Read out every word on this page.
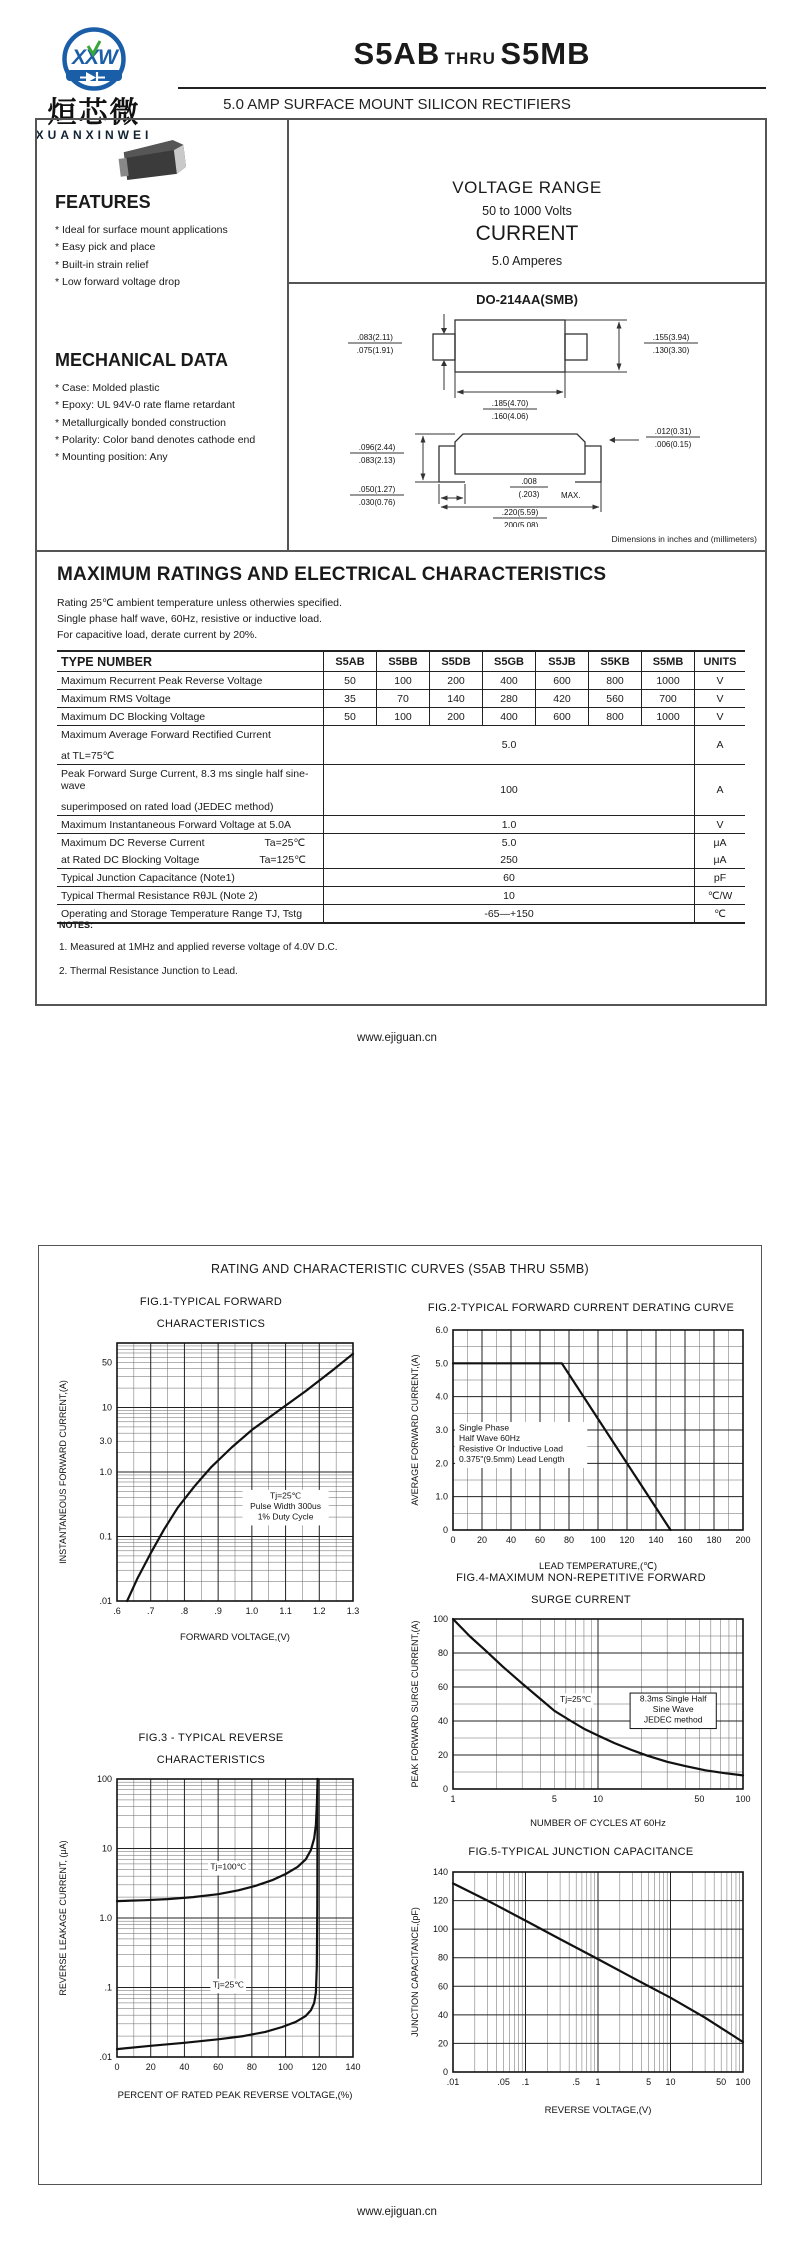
X
X
W
烜芯微
XUANXINWEI
S5AB THRU S5MB
5.0 AMP SURFACE MOUNT SILICON RECTIFIERS
FEATURES
* Ideal for surface mount applications
* Easy pick and place
* Built-in strain relief
* Low forward voltage drop
MECHANICAL DATA
* Case: Molded plastic
* Epoxy: UL 94V-0 rate flame retardant
* Metallurgically bonded construction
* Polarity: Color band denotes cathode end
* Mounting position: Any
VOLTAGE RANGE
50 to 1000 Volts
CURRENT
5.0 Amperes
DO-214AA(SMB)
.083(2.11)
.075(1.91)
.155(3.94)
.130(3.30)
.185(4.70)
.160(4.06)
.012(0.31)
.006(0.15)
.096(2.44)
.083(2.13)
.050(1.27)
.030(0.76)
.008
(.203)	MAX.
.220(5.59)
.200(5.08)
Dimensions in inches and (millimeters)
MAXIMUM RATINGS AND ELECTRICAL CHARACTERISTICS
Rating 25℃ ambient temperature unless otherwies specified.
Single phase half wave, 60Hz, resistive or inductive load.
For capacitive load, derate current by 20%.
TYPE NUMBER	S5AB	S5BB	S5DB	S5GB	S5JB	S5KB	S5MB	UNITS
Maximum Recurrent Peak Reverse Voltage	50	100	200	400	600	800	1000	V
Maximum RMS Voltage	35	70	140	280	420	560	700	V
Maximum DC Blocking Voltage	50	100	200	400	600	800	1000	V

Maximum Average Forward Rectified Current
at TL=75℃	5.0							A

Peak Forward Surge Current, 8.3 ms single half sine-wave
superimposed on rated load (JEDEC method)	100							A
Maximum Instantaneous Forward Voltage at 5.0A	1.0							V
Maximum DC Reverse Current Ta=25℃	5.0							μA
at Rated DC Blocking Voltage Ta=125℃	250							μA
Typical Junction Capacitance (Note1)	60							pF
Typical Thermal Resistance RθJL (Note 2)	10							℃/W
Operating and Storage Temperature Range TJ, Tstg	-65—+150							℃
NOTES:
1. Measured at 1MHz and applied reverse voltage of 4.0V D.C.
2. Thermal Resistance Junction to Lead.
www.ejiguan.cn
RATING AND CHARACTERISTIC CURVES (S5AB THRU S5MB)
FIG.1-TYPICAL FORWARD
CHARACTERISTICS
.6	.7	.8	.9	1.0 1.1 1.2 1.3
50
10
3.0
1.0
0.1
.01
Tj=25℃
Pulse Width 300us
1% Duty Cycle
FORWARD VOLTAGE,(V)
INSTANTANEOUS FORWARD CURRENT,(A)
FIG.2-TYPICAL FORWARD CURRENT DERATING CURVE
0 20 40 60 80 100 120 140 160 180 200
0
1.0
2.0
3.0
4.0
5.0
6.0
Single Phase
Half Wave 60Hz
Resistive Or Inductive Load
0.375"(9.5mm) Lead Length
LEAD TEMPERATURE,(℃)
AVERAGE FORWARD CURRENT,(A)
FIG.4-MAXIMUM NON-REPETITIVE FORWARD
SURGE CURRENT
1	5	10	50	100
0
20
40
60
80
100
Tj=25℃	8.3ms Single Half
Sine Wave
JEDEC method
NUMBER OF CYCLES AT 60Hz
PEAK FORWARD SURGE CURRENT,(A)
FIG.3 - TYPICAL REVERSE
CHARACTERISTICS
0	20	40	60	80 100 120 140
100
10
1.0
.1
.01
Tj=100℃
Tj=25℃
PERCENT OF RATED PEAK REVERSE VOLTAGE,(%)
REVERSE LEAKAGE CURRENT, (μA)	FIG.5-TYPICAL JUNCTION CAPACITANCE
.01	.05 .1	.5 1	5 10	50 100
0
20
40
60
80
100
120
140
REVERSE VOLTAGE,(V)
JUNCTION CAPACITANCE,(pF)
www.ejiguan.cn
